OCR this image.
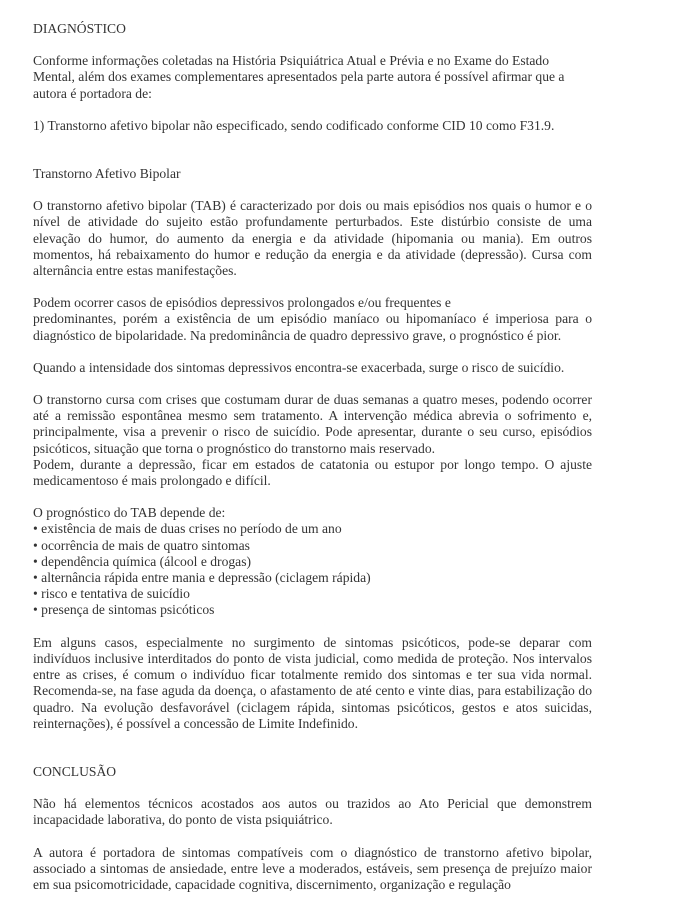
DIAGNÓSTICO
Conforme informações coletadas na História Psiquiátrica Atual e Prévia e no Exame do Estado Mental, além dos exames complementares apresentados pela parte autora é possível afirmar que a autora é portadora de:
1) Transtorno afetivo bipolar não especificado, sendo codificado conforme CID 10 como F31.9.
Transtorno Afetivo Bipolar
O transtorno afetivo bipolar (TAB) é caracterizado por dois ou mais episódios nos quais o humor e o nível de atividade do sujeito estão profundamente perturbados. Este distúrbio consiste de uma elevação do humor, do aumento da energia e da atividade (hipomania ou mania). Em outros momentos, há rebaixamento do humor e redução da energia e da atividade (depressão). Cursa com alternância entre estas manifestações.
Podem ocorrer casos de episódios depressivos prolongados e/ou frequentes e
predominantes, porém a existência de um episódio maníaco ou hipomaníaco é imperiosa para o diagnóstico de bipolaridade. Na predominância de quadro depressivo grave, o prognóstico é pior.
Quando a intensidade dos sintomas depressivos encontra-se exacerbada, surge o risco de suicídio.
O transtorno cursa com crises que costumam durar de duas semanas a quatro meses, podendo ocorrer até a remissão espontânea mesmo sem tratamento. A intervenção médica abrevia o sofrimento e, principalmente, visa a prevenir o risco de suicídio. Pode apresentar, durante o seu curso, episódios psicóticos, situação que torna o prognóstico do transtorno mais reservado.
Podem, durante a depressão, ficar em estados de catatonia ou estupor por longo tempo. O ajuste medicamentoso é mais prolongado e difícil.
O prognóstico do TAB depende de:
• existência de mais de duas crises no período de um ano
• ocorrência de mais de quatro sintomas
• dependência química (álcool e drogas)
• alternância rápida entre mania e depressão (ciclagem rápida)
• risco e tentativa de suicídio
• presença de sintomas psicóticos
Em alguns casos, especialmente no surgimento de sintomas psicóticos, pode-se deparar com indivíduos inclusive interditados do ponto de vista judicial, como medida de proteção. Nos intervalos entre as crises, é comum o indivíduo ficar totalmente remido dos sintomas e ter sua vida normal. Recomenda-se, na fase aguda da doença, o afastamento de até cento e vinte dias, para estabilização do quadro. Na evolução desfavorável (ciclagem rápida, sintomas psicóticos, gestos e atos suicidas, reinternações), é possível a concessão de Limite Indefinido.
CONCLUSÃO
Não há elementos técnicos acostados aos autos ou trazidos ao Ato Pericial que demonstrem incapacidade laborativa, do ponto de vista psiquiátrico.
A autora é portadora de sintomas compatíveis com o diagnóstico de transtorno afetivo bipolar, associado a sintomas de ansiedade, entre leve a moderados, estáveis, sem presença de prejuízo maior em sua psicomotricidade, capacidade cognitiva, discernimento, organização e regulação
